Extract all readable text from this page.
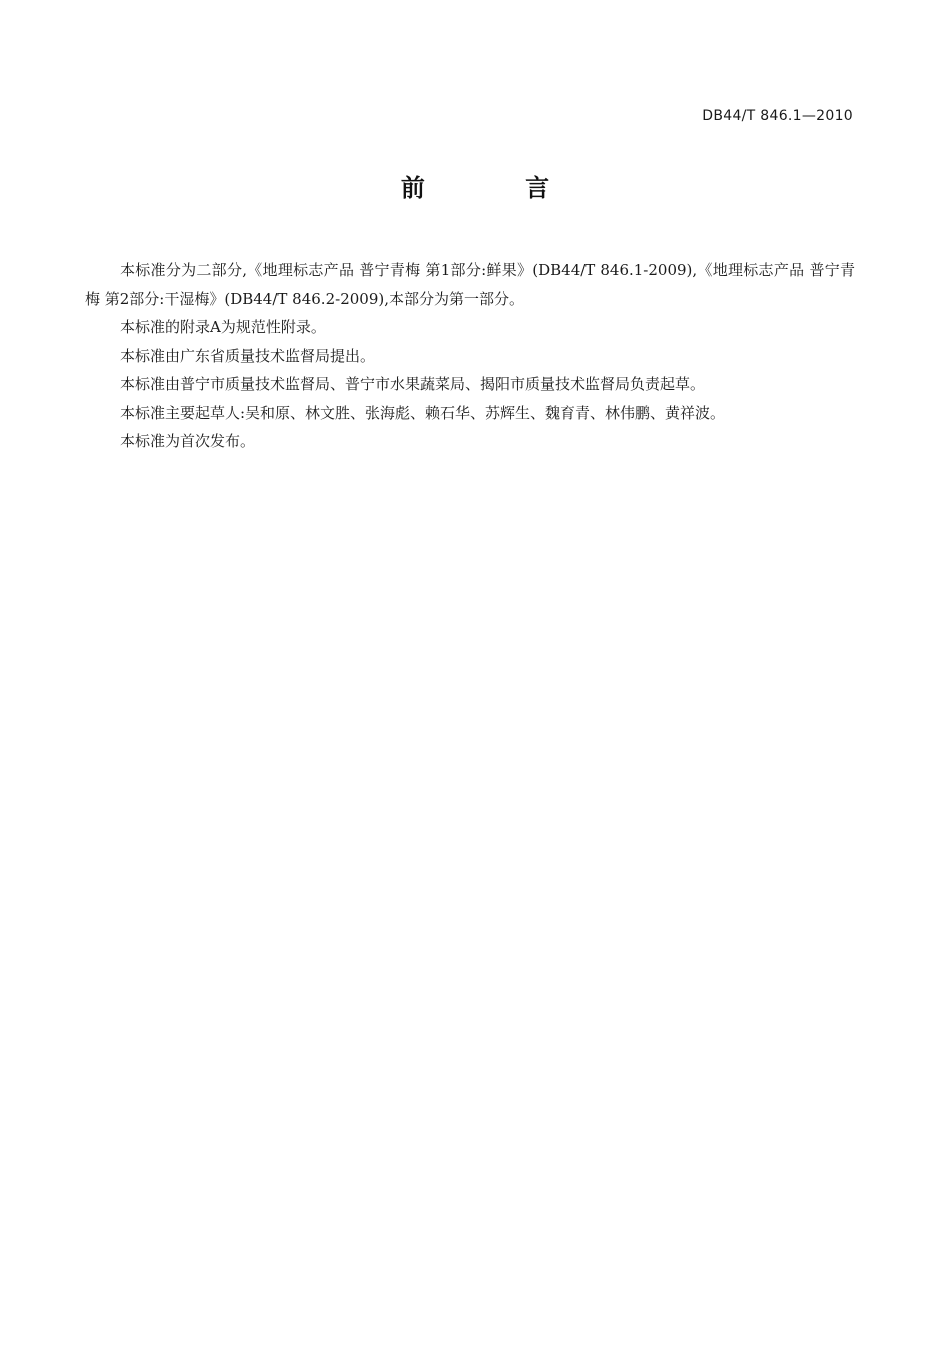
DB44/T 846.1—2010
前 言

本标准分为二部分,《地理标志产品 普宁青梅 第1部分:鲜果》(DB44/T 846.1-2009),《地理标志产品 普宁青梅 第2部分:干湿梅》(DB44/T 846.2-2009),本部分为第一部分。

本标准的附录A为规范性附录。

本标准由广东省质量技术监督局提出。

本标准由普宁市质量技术监督局、普宁市水果蔬菜局、揭阳市质量技术监督局负责起草。

本标准主要起草人:吴和原、林文胜、张海彪、赖石华、苏辉生、魏育青、林伟鹏、黄祥波。

本标准为首次发布。
